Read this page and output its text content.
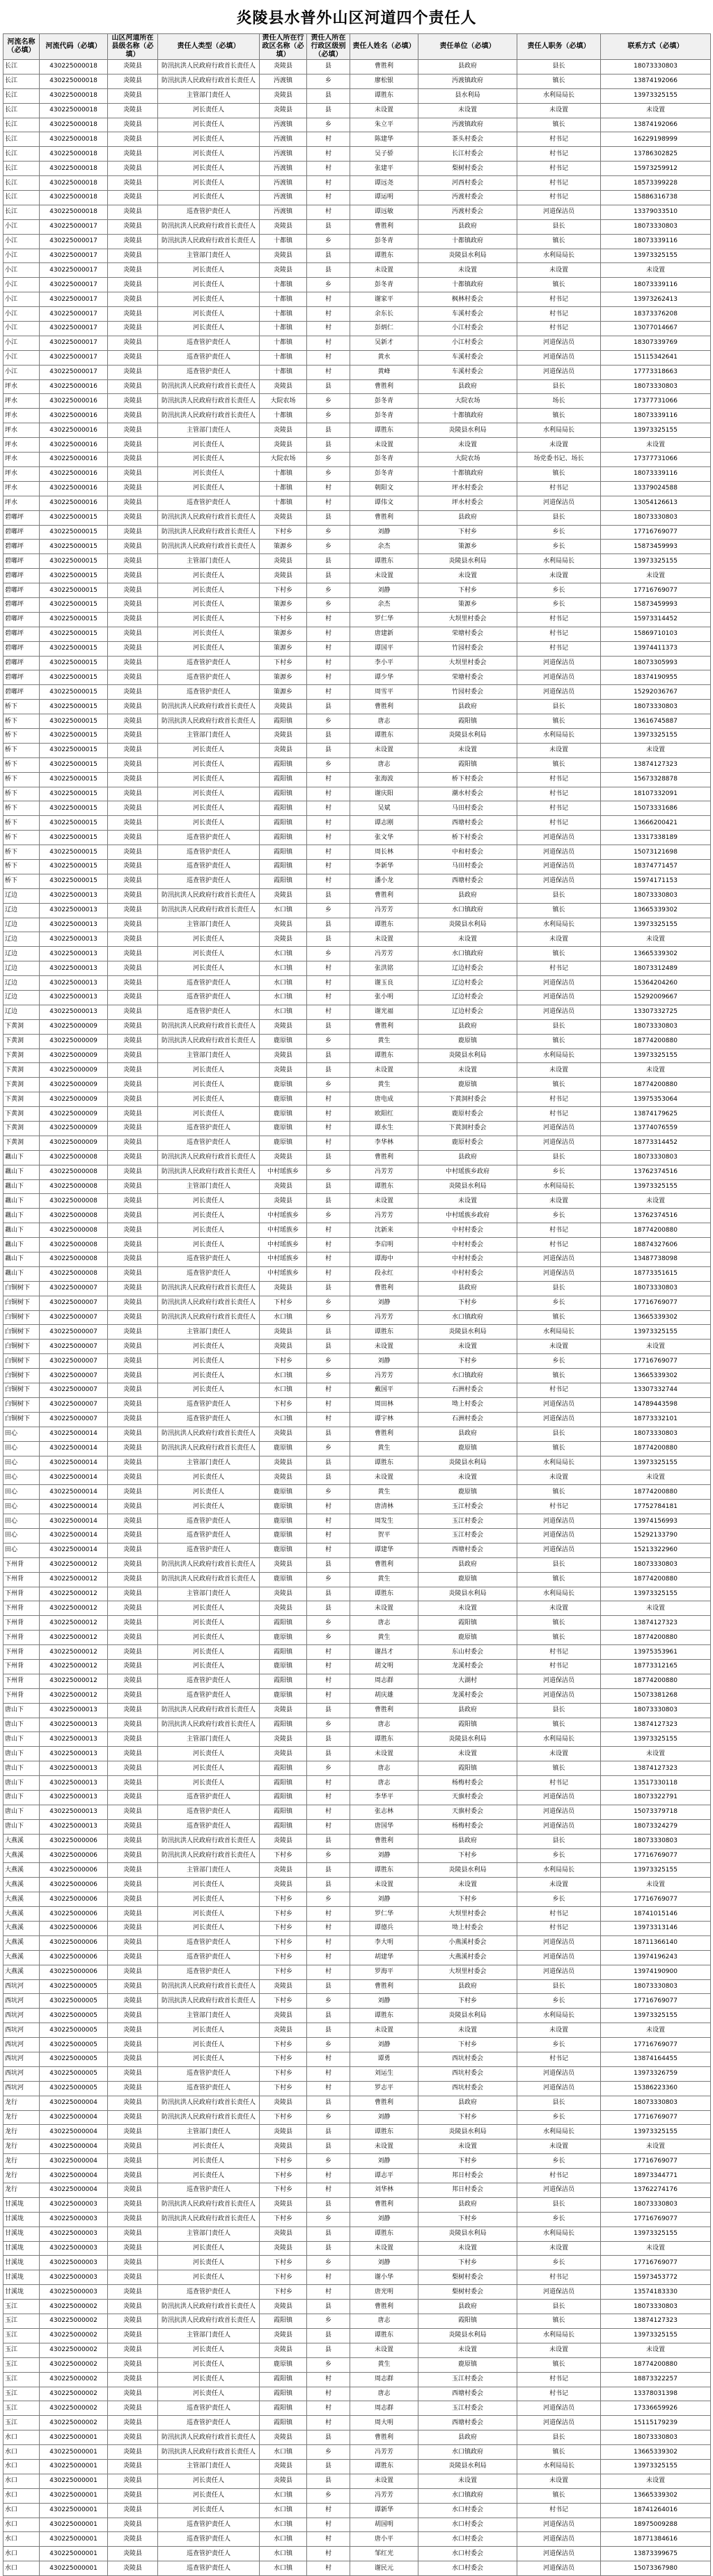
炎陵县水普外山区河道四个责任人
河流名称（必填）	河流代码（必填）	山区河道所在县级名称（必填）	责任人类型（必填）	责任人所在行政区名称（必填）	责任人所在行政区级别（必填）	责任人姓名（必填）	责任单位（必填）	责任人职务（必填）	联系方式（必填）
长江	430225000018	炎陵县	防汛抗洪人民政府行政首长责任人	炎陵县	县	曹胜利	县政府	县长	18073330803
长江	430225000018	炎陵县	防汛抗洪人民政府行政首长责任人	沔渡镇	乡	廖松银	沔渡镇政府	镇长	13874192066
长江	430225000018	炎陵县	主管部门责任人	炎陵县	县	谭胜东	县水利局	水利局局长	13973325155
长江	430225000018	炎陵县	河长责任人	炎陵县	县	未设置	未设置	未设置	未设置
长江	430225000018	炎陵县	河长责任人	沔渡镇	乡	朱立平	沔渡镇政府	镇长	13874192066
长江	430225000018	炎陵县	河长责任人	沔渡镇	村	陈建华	茶头村委会	村书记	16229198999
长江	430225000018	炎陵县	河长责任人	沔渡镇	村	吴子骄	长江村委会	村书记	13786302825
长江	430225000018	炎陵县	河长责任人	沔渡镇	村	张建平	梨树村委会	村书记	15973259912
长江	430225000018	炎陵县	河长责任人	沔渡镇	村	谭远尧	河西村委会	村书记	18573399228
长江	430225000018	炎陵县	河长责任人	沔渡镇	村	谭运明	沔渡村委会	村书记	15886316738
长江	430225000018	炎陵县	巡查管护责任人	沔渡镇	村	谭远敏	沔渡村委会	河道保洁员	13379033510
小江	430225000017	炎陵县	防汛抗洪人民政府行政首长责任人	炎陵县	县	曹胜利	县政府	县长	18073330803
小江	430225000017	炎陵县	防汛抗洪人民政府行政首长责任人	十都镇	乡	彭冬青	十都镇政府	镇长	18073339116
小江	430225000017	炎陵县	主管部门责任人	炎陵县	县	谭胜东	炎陵县水利局	水利局局长	13973325155
小江	430225000017	炎陵县	河长责任人	炎陵县	县	未设置	未设置	未设置	未设置
小江	430225000017	炎陵县	河长责任人	十都镇	乡	彭冬青	十都镇政府	镇长	18073339116
小江	430225000017	炎陵县	河长责任人	十都镇	村	谢家平	枫林村委会	村书记	13973262413
小江	430225000017	炎陵县	河长责任人	十都镇	村	余东长	车溪村委会	村书记	18373376208
小江	430225000017	炎陵县	河长责任人	十都镇	村	彭炳仁	小江村委会	村书记	13077014667
小江	430225000017	炎陵县	巡查管护责任人	十都镇	村	吴新才	小江村委会	河道保洁员	18307339769
小江	430225000017	炎陵县	巡查管护责任人	十都镇	村	黄水	车溪村委会	河道保洁员	15115342641
小江	430225000017	炎陵县	巡查管护责任人	十都镇	村	黄峰	车溪村委会	河道保洁员	17773318663
坪水	430225000016	炎陵县	防汛抗洪人民政府行政首长责任人	炎陵县	县	曹胜利	县政府	县长	18073330803
坪水	430225000016	炎陵县	防汛抗洪人民政府行政首长责任人	大院农场	乡	彭冬青	大院农场	场长	17377731066
坪水	430225000016	炎陵县	防汛抗洪人民政府行政首长责任人	十都镇	乡	彭冬青	十都镇政府	镇长	18073339116
坪水	430225000016	炎陵县	主管部门责任人	炎陵县	县	谭胜东	炎陵县水利局	水利局局长	13973325155
坪水	430225000016	炎陵县	河长责任人	炎陵县	县	未设置	未设置	未设置	未设置
坪水	430225000016	炎陵县	河长责任人	大院农场	乡	彭冬青	大院农场	场党委书记、场长	17377731066
坪水	430225000016	炎陵县	河长责任人	十都镇	乡	彭冬青	十都镇政府	镇长	18073339116
坪水	430225000016	炎陵县	河长责任人	十都镇	村	朝阳文	坪水村委会	村书记	13379024588
坪水	430225000016	炎陵县	巡查管护责任人	十都镇	村	谭伟文	坪水村委会	河道保洁员	13054126613
碧嘟坪	430225000015	炎陵县	防汛抗洪人民政府行政首长责任人	炎陵县	县	曹胜利	县政府	县长	18073330803
碧嘟坪	430225000015	炎陵县	防汛抗洪人民政府行政首长责任人	下村乡	乡	刘静	下村乡	乡长	17716769077
碧嘟坪	430225000015	炎陵县	防汛抗洪人民政府行政首长责任人	策源乡	乡	余杰	策源乡	乡长	15873459993
碧嘟坪	430225000015	炎陵县	主管部门责任人	炎陵县	县	谭胜东	炎陵县水利局	水利局局长	13973325155
碧嘟坪	430225000015	炎陵县	河长责任人	炎陵县	县	未设置	未设置	未设置	未设置
碧嘟坪	430225000015	炎陵县	河长责任人	下村乡	乡	刘静	下村乡	乡长	17716769077
碧嘟坪	430225000015	炎陵县	河长责任人	策源乡	乡	余杰	策源乡	乡长	15873459993
碧嘟坪	430225000015	炎陵县	河长责任人	下村乡	村	罗仁华	大坝里村委会	村书记	15973314452
碧嘟坪	430225000015	炎陵县	河长责任人	策源乡	村	唐建新	荣塘村委会	村书记	15869710103
碧嘟坪	430225000015	炎陵县	河长责任人	策源乡	村	谭国平	竹园村委会	村书记	13974411373
碧嘟坪	430225000015	炎陵县	巡查管护责任人	下村乡	村	李小平	大坝里村委会	河道保洁员	18073305993
碧嘟坪	430225000015	炎陵县	巡查管护责任人	策源乡	村	谭少华	荣塘村委会	河道保洁员	18374190955
碧嘟坪	430225000015	炎陵县	巡查管护责任人	策源乡	村	周雪平	竹园村委会	河道保洁员	15292036767
桥下	430225000015	炎陵县	防汛抗洪人民政府行政首长责任人	炎陵县	县	曹胜利	县政府	县长	18073330803
桥下	430225000015	炎陵县	防汛抗洪人民政府行政首长责任人	霞阳镇	乡	唐志	霞阳镇	镇长	13616745887
桥下	430225000015	炎陵县	主管部门责任人	炎陵县	县	谭胜东	炎陵县水利局	水利局局长	13973325155
桥下	430225000015	炎陵县	河长责任人	炎陵县	县	未设置	未设置	未设置	未设置
桥下	430225000015	炎陵县	河长责任人	霞阳镇	乡	唐志	霞阳镇	镇长	13874127323
桥下	430225000015	炎陵县	河长责任人	霞阳镇	村	张海波	桥下村委会	村书记	15673328878
桥下	430225000015	炎陵县	河长责任人	霞阳镇	村	谢庆阳	潮水村委会	村书记	18107332091
桥下	430225000015	炎陵县	河长责任人	霞阳镇	村	吴斌	马田村委会	村书记	15073331686
桥下	430225000015	炎陵县	河长责任人	霞阳镇	村	谭志刚	西塘村委会	村书记	13666200421
桥下	430225000015	炎陵县	巡查管护责任人	霞阳镇	村	张文华	桥下村委会	河道保洁员	13317338189
桥下	430225000015	炎陵县	巡查管护责任人	霞阳镇	村	周长林	中和村委会	河道保洁员	15073121698
桥下	430225000015	炎陵县	巡查管护责任人	霞阳镇	村	李新华	马田村委会	河道保洁员	18374771457
桥下	430225000015	炎陵县	巡查管护责任人	霞阳镇	村	潘小龙	西塘村委会	河道保洁员	15974171153
辽边	430225000013	炎陵县	防汛抗洪人民政府行政首长责任人	炎陵县	县	曹胜利	县政府	县长	18073330803
辽边	430225000013	炎陵县	防汛抗洪人民政府行政首长责任人	水口镇	乡	冯芳芳	水口镇政府	镇长	13665339302
辽边	430225000013	炎陵县	主管部门责任人	炎陵县	县	谭胜东	炎陵县水利局	水利局局长	13973325155
辽边	430225000013	炎陵县	河长责任人	炎陵县	县	未设置	未设置	未设置	未设置
辽边	430225000013	炎陵县	河长责任人	水口镇	乡	冯芳芳	水口镇政府	镇长	13665339302
辽边	430225000013	炎陵县	河长责任人	水口镇	村	张洪铭	辽边村委会	村书记	18073312489
辽边	430225000013	炎陵县	巡查管护责任人	水口镇	村	谢玉良	辽边村委会	河道保洁员	15364204260
辽边	430225000013	炎陵县	巡查管护责任人	水口镇	村	张小明	辽边村委会	河道保洁员	15292009667
辽边	430225000013	炎陵县	巡查管护责任人	水口镇	村	谢光福	辽边村委会	河道保洁员	13307332725
下黄洞	430225000009	炎陵县	防汛抗洪人民政府行政首长责任人	炎陵县	县	曹胜利	县政府	县长	18073330803
下黄洞	430225000009	炎陵县	防汛抗洪人民政府行政首长责任人	鹿原镇	乡	黄生	鹿原镇	镇长	18774200880
下黄洞	430225000009	炎陵县	主管部门责任人	炎陵县	县	谭胜东	炎陵县水利局	水利局局长	13973325155
下黄洞	430225000009	炎陵县	河长责任人	炎陵县	县	未设置	未设置	未设置	未设置
下黄洞	430225000009	炎陵县	河长责任人	鹿原镇	乡	黄生	鹿原镇	镇长	18774200880
下黄洞	430225000009	炎陵县	河长责任人	鹿原镇	村	唐电成	下黄洞村委会	村书记	13975353064
下黄洞	430225000009	炎陵县	河长责任人	鹿原镇	村	欧阳红	鹿原村委会	村书记	13874179625
下黄洞	430225000009	炎陵县	巡查管护责任人	鹿原镇	村	谭水生	下黄洞村委会	河道保洁员	13774076559
下黄洞	430225000009	炎陵县	巡查管护责任人	鹿原镇	村	李华林	鹿原村委会	河道保洁员	18773314452
藕山下	430225000008	炎陵县	防汛抗洪人民政府行政首长责任人	炎陵县	县	曹胜利	县政府	县长	18073330803
藕山下	430225000008	炎陵县	防汛抗洪人民政府行政首长责任人	中村瑶族乡	乡	冯芳芳	中村瑶族乡政府	乡长	13762374516
藕山下	430225000008	炎陵县	主管部门责任人	炎陵县	县	谭胜东	炎陵县水利局	水利局局长	13973325155
藕山下	430225000008	炎陵县	河长责任人	炎陵县	县	未设置	未设置	未设置	未设置
藕山下	430225000008	炎陵县	河长责任人	中村瑶族乡	乡	冯芳芳	中村瑶族乡政府	乡长	13762374516
藕山下	430225000008	炎陵县	河长责任人	中村瑶族乡	村	沈新来	中村村委会	村书记	18774200880
藕山下	430225000008	炎陵县	河长责任人	中村瑶族乡	村	李启明	中村村委会	村书记	18874327606
藕山下	430225000008	炎陵县	巡查管护责任人	中村瑶族乡	村	谭海中	中村村委会	河道保洁员	13487738098
藕山下	430225000008	炎陵县	巡查管护责任人	中村瑶族乡	村	段永红	中村村委会	河道保洁员	18773351615
白铜树下	430225000007	炎陵县	防汛抗洪人民政府行政首长责任人	炎陵县	县	曹胜利	县政府	县长	18073330803
白铜树下	430225000007	炎陵县	防汛抗洪人民政府行政首长责任人	下村乡	乡	刘静	下村乡	乡长	17716769077
白铜树下	430225000007	炎陵县	防汛抗洪人民政府行政首长责任人	水口镇	乡	冯芳芳	水口镇政府	镇长	13665339302
白铜树下	430225000007	炎陵县	主管部门责任人	炎陵县	县	谭胜东	炎陵县水利局	水利局局长	13973325155
白铜树下	430225000007	炎陵县	河长责任人	炎陵县	县	未设置	未设置	未设置	未设置
白铜树下	430225000007	炎陵县	河长责任人	下村乡	乡	刘静	下村乡	乡长	17716769077
白铜树下	430225000007	炎陵县	河长责任人	水口镇	乡	冯芳芳	水口镇政府	镇长	13665339302
白铜树下	430225000007	炎陵县	河长责任人	水口镇	村	戴国平	石洲村委会	村书记	13307332744
白铜树下	430225000007	炎陵县	巡查管护责任人	下村乡	村	周田林	坳上村委会	河道保洁员	14789443598
白铜树下	430225000007	炎陵县	巡查管护责任人	水口镇	村	谭宇林	石洲村委会	河道保洁员	18773332101
田心	430225000014	炎陵县	防汛抗洪人民政府行政首长责任人	炎陵县	县	曹胜利	县政府	县长	18073330803
田心	430225000014	炎陵县	防汛抗洪人民政府行政首长责任人	鹿原镇	乡	黄生	鹿原镇	镇长	18774200880
田心	430225000014	炎陵县	主管部门责任人	炎陵县	县	谭胜东	炎陵县水利局	水利局局长	13973325155
田心	430225000014	炎陵县	河长责任人	炎陵县	县	未设置	未设置	未设置	未设置
田心	430225000014	炎陵县	河长责任人	鹿原镇	乡	黄生	鹿原镇	镇长	18774200880
田心	430225000014	炎陵县	河长责任人	鹿原镇	村	唐清林	玉江村委会	村书记	17752784181
田心	430225000014	炎陵县	巡查管护责任人	鹿原镇	村	周发生	玉江村委会	河道保洁员	13974156993
田心	430225000014	炎陵县	巡查管护责任人	鹿原镇	村	贺平	玉江村委会	河道保洁员	15292133790
田心	430225000014	炎陵县	巡查管护责任人	鹿原镇	村	谭建华	西塘村委会	河道保洁员	15213322960
下州背	430225000012	炎陵县	防汛抗洪人民政府行政首长责任人	炎陵县	县	曹胜利	县政府	县长	18073330803
下州背	430225000012	炎陵县	防汛抗洪人民政府行政首长责任人	鹿原镇	乡	黄生	鹿原镇	镇长	18774200880
下州背	430225000012	炎陵县	主管部门责任人	炎陵县	县	谭胜东	炎陵县水利局	水利局局长	13973325155
下州背	430225000012	炎陵县	河长责任人	炎陵县	县	未设置	未设置	未设置	未设置
下州背	430225000012	炎陵县	河长责任人	霞阳镇	乡	唐志	霞阳镇	镇长	13874127323
下州背	430225000012	炎陵县	河长责任人	鹿原镇	乡	黄生	鹿原镇	镇长	18774200880
下州背	430225000012	炎陵县	河长责任人	霞阳镇	村	谢昌才	东山村委会	村书记	13975353961
下州背	430225000012	炎陵县	河长责任人	鹿原镇	村	胡文明	龙溪村委会	村书记	18773312165
下州背	430225000012	炎陵县	巡查管护责任人	霞阳镇	村	周志群	大湖村	河道保洁员	18774200880
下州背	430225000012	炎陵县	巡查管护责任人	鹿原镇	村	胡庆雄	龙溪村委会	河道保洁员	15073381268
唐山下	430225000013	炎陵县	防汛抗洪人民政府行政首长责任人	炎陵县	县	曹胜利	县政府	县长	18073330803
唐山下	430225000013	炎陵县	防汛抗洪人民政府行政首长责任人	霞阳镇	乡	唐志	霞阳镇	镇长	13874127323
唐山下	430225000013	炎陵县	主管部门责任人	炎陵县	县	谭胜东	炎陵县水利局	水利局局长	13973325155
唐山下	430225000013	炎陵县	河长责任人	炎陵县	县	未设置	未设置	未设置	未设置
唐山下	430225000013	炎陵县	河长责任人	霞阳镇	乡	唐志	霞阳镇	镇长	13874127323
唐山下	430225000013	炎陵县	河长责任人	霞阳镇	村	唐志	杨梅村委会	村书记	13517330118
唐山下	430225000013	炎陵县	巡查管护责任人	霞阳镇	村	李华平	天旗村委会	河道保洁员	18073322791
唐山下	430225000013	炎陵县	巡查管护责任人	霞阳镇	村	张志林	天旗村委会	河道保洁员	15073379718
唐山下	430225000013	炎陵县	巡查管护责任人	霞阳镇	村	唐国华	杨梅村委会	河道保洁员	18073324279
大燕溪	430225000006	炎陵县	防汛抗洪人民政府行政首长责任人	炎陵县	县	曹胜利	县政府	县长	18073330803
大燕溪	430225000006	炎陵县	防汛抗洪人民政府行政首长责任人	下村乡	乡	刘静	下村乡	乡长	17716769077
大燕溪	430225000006	炎陵县	主管部门责任人	炎陵县	县	谭胜东	炎陵县水利局	水利局局长	13973325155
大燕溪	430225000006	炎陵县	河长责任人	炎陵县	县	未设置	未设置	未设置	未设置
大燕溪	430225000006	炎陵县	河长责任人	下村乡	乡	刘静	下村乡	乡长	17716769077
大燕溪	430225000006	炎陵县	河长责任人	下村乡	村	罗仁华	大坝里村委会	村书记	18741015146
大燕溪	430225000006	炎陵县	河长责任人	下村乡	村	谭德兵	坳上村委会	村书记	13973313146
大燕溪	430225000006	炎陵县	巡查管护责任人	下村乡	村	李大明	小燕溪村委会	河道保洁员	18711366140
大燕溪	430225000006	炎陵县	巡查管护责任人	下村乡	村	胡建华	大燕溪村委会	河道保洁员	13974196243
大燕溪	430225000006	炎陵县	巡查管护责任人	下村乡	村	罗海平	大坝里村委会	河道保洁员	13974190900
西坑河	430225000005	炎陵县	防汛抗洪人民政府行政首长责任人	炎陵县	县	曹胜利	县政府	县长	18073330803
西坑河	430225000005	炎陵县	防汛抗洪人民政府行政首长责任人	下村乡	乡	刘静	下村乡	乡长	17716769077
西坑河	430225000005	炎陵县	主管部门责任人	炎陵县	县	谭胜东	炎陵县水利局	水利局局长	13973325155
西坑河	430225000005	炎陵县	河长责任人	炎陵县	县	未设置	未设置	未设置	未设置
西坑河	430225000005	炎陵县	河长责任人	下村乡	乡	刘静	下村乡	乡长	17716769077
西坑河	430225000005	炎陵县	河长责任人	下村乡	村	谭勇	西坑村委会	村书记	13874164455
西坑河	430225000005	炎陵县	巡查管护责任人	下村乡	村	刘运生	西坑村委会	河道保洁员	13973326759
西坑河	430225000005	炎陵县	巡查管护责任人	下村乡	村	罗志平	西坑村委会	河道保洁员	15386223360
龙行	430225000004	炎陵县	防汛抗洪人民政府行政首长责任人	炎陵县	县	曹胜利	县政府	县长	18073330803
龙行	430225000004	炎陵县	防汛抗洪人民政府行政首长责任人	下村乡	乡	刘静	下村乡	乡长	17716769077
龙行	430225000004	炎陵县	主管部门责任人	炎陵县	县	谭胜东	炎陵县水利局	水利局局长	13973325155
龙行	430225000004	炎陵县	河长责任人	炎陵县	县	未设置	未设置	未设置	未设置
龙行	430225000004	炎陵县	河长责任人	下村乡	乡	刘静	下村乡	乡长	17716769077
龙行	430225000004	炎陵县	河长责任人	下村乡	村	谭志平	邦日村委会	村书记	18973344771
龙行	430225000004	炎陵县	巡查管护责任人	下村乡	村	刘华林	邦日村委会	河道保洁员	13762274176
甘溪垅	430225000003	炎陵县	防汛抗洪人民政府行政首长责任人	炎陵县	县	曹胜利	县政府	县长	18073330803
甘溪垅	430225000003	炎陵县	防汛抗洪人民政府行政首长责任人	下村乡	乡	刘静	下村乡	乡长	17716769077
甘溪垅	430225000003	炎陵县	主管部门责任人	炎陵县	县	谭胜东	炎陵县水利局	水利局局长	13973325155
甘溪垅	430225000003	炎陵县	河长责任人	炎陵县	县	未设置	未设置	未设置	未设置
甘溪垅	430225000003	炎陵县	河长责任人	下村乡	乡	刘静	下村乡	乡长	17716769077
甘溪垅	430225000003	炎陵县	河长责任人	下村乡	村	谢小华	梨树村委会	村书记	15973453772
甘溪垅	430225000003	炎陵县	巡查管护责任人	下村乡	村	唐光明	梨树村委会	河道保洁员	13574183330
玉江	430225000002	炎陵县	防汛抗洪人民政府行政首长责任人	炎陵县	县	曹胜利	县政府	县长	18073330803
玉江	430225000002	炎陵县	防汛抗洪人民政府行政首长责任人	霞阳镇	乡	唐志	霞阳镇	镇长	13874127323
玉江	430225000002	炎陵县	主管部门责任人	炎陵县	县	谭胜东	炎陵县水利局	水利局局长	13973325155
玉江	430225000002	炎陵县	河长责任人	炎陵县	县	未设置	未设置	未设置	未设置
玉江	430225000002	炎陵县	河长责任人	鹿原镇	乡	黄生	鹿原镇	镇长	18774200880
玉江	430225000002	炎陵县	河长责任人	霞阳镇	村	周志群	玉江村委会	村书记	18873322257
玉江	430225000002	炎陵县	河长责任人	霞阳镇	村	唐志	西塘村委会	村书记	13378031398
玉江	430225000002	炎陵县	巡查管护责任人	霞阳镇	村	周志群	玉江村委会	河道保洁员	17336659926
玉江	430225000002	炎陵县	巡查管护责任人	霞阳镇	村	周大明	西塘村委会	河道保洁员	15115179239
水口	430225000001	炎陵县	防汛抗洪人民政府行政首长责任人	炎陵县	县	曹胜利	县政府	县长	18073330803
水口	430225000001	炎陵县	防汛抗洪人民政府行政首长责任人	水口镇	乡	冯芳芳	水口镇政府	镇长	13665339302
水口	430225000001	炎陵县	主管部门责任人	炎陵县	县	谭胜东	炎陵县水利局	水利局局长	13973325155
水口	430225000001	炎陵县	河长责任人	炎陵县	县	未设置	未设置	未设置	未设置
水口	430225000001	炎陵县	河长责任人	水口镇	乡	冯芳芳	水口镇政府	镇长	13665339302
水口	430225000001	炎陵县	河长责任人	水口镇	村	谭新华	水口村委会	村书记	18741264016
水口	430225000001	炎陵县	巡查管护责任人	水口镇	村	胡国明	水口村委会	河道保洁员	18975009288
水口	430225000001	炎陵县	巡查管护责任人	水口镇	村	唐小平	水口村委会	河道保洁员	18771384616
水口	430225000001	炎陵县	巡查管护责任人	水口镇	村	邹红光	水口村委会	河道保洁员	13873399675
水口	430225000001	炎陵县	巡查管护责任人	水口镇	村	谢民元	水口村委会	河道保洁员	15073367980
